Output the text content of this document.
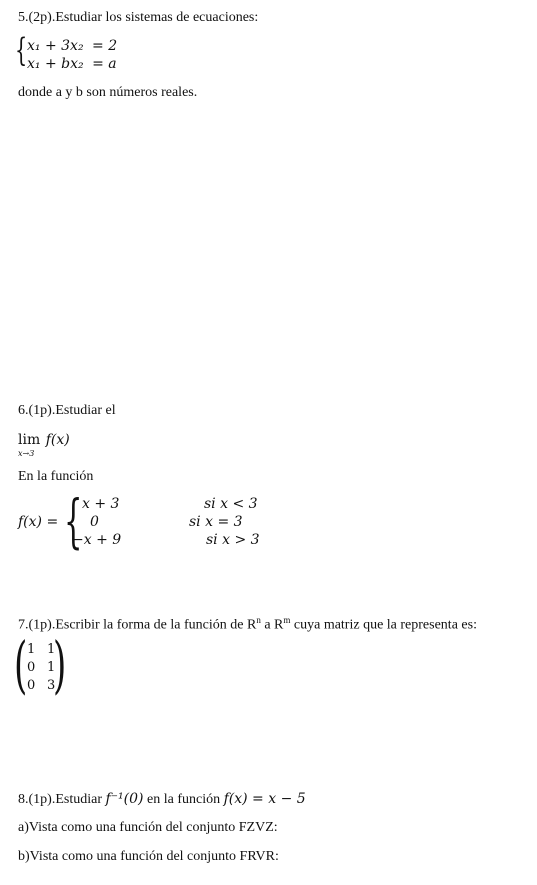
5.(2p).Estudiar los sistemas de ecuaciones:
{ x₁ + 3x₂ = 2
x₁ + bx₂ = a
donde a y b son números reales.
6.(1p).Estudiar el
lim f(x)
x→3
En la función
f(x) = { x + 3
0
−x + 9
si x < 3
si x = 3
si x > 3
7.(1p).Escribir la forma de la función de $R^n$ a $R^m$ cuya matriz que la representa es:
( )
1 1
0 1
0 3
8.(1p).Estudiar f⁻¹(0) en la función f(x) = x − 5
a)Vista como una función del conjunto FZVZ:
b)Vista como una función del conjunto FRVR:
